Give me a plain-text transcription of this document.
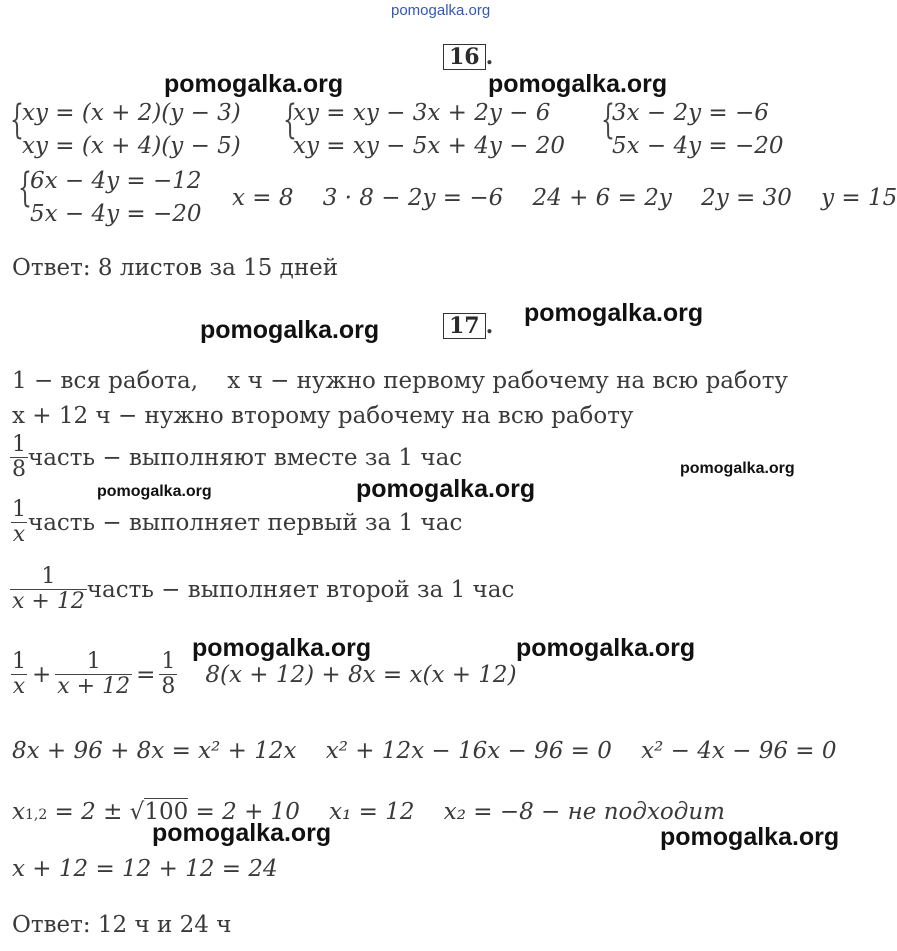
pomogalka.org
16 .
pomogalka.org	pomogalka.org
{
xy = (x + 2)(y − 3)
xy = (x + 4)(y − 5)
{
xy = xy − 3x + 2y − 6
xy = xy − 5x + 4y − 20
{
3x − 2y = −6
5x − 4y = −20
{
6x − 4y = −12
5x − 4y = −20
x = 8    3 · 8 − 2y = −6    24 + 6 = 2y    2y = 30    y = 15
Ответ: 8 листов за 15 дней
pomogalka.org	17 . pomogalka.org
1 − вся работа,    x ч − нужно первому рабочему на всю работу
x + 12 ч − нужно второму рабочему на всю работу
$\frac{1}{8}$ часть − выполняют вместе за 1 час	pomogalka.org
pomogalka.org	pomogalka.org
$\frac{1}{x}$ часть − выполняет первый за 1 час
$\frac{1}{x + 12}$ часть − выполняет второй за 1 час
pomogalka.org	pomogalka.org
$\frac{1}{x} + \frac{1}{x + 12} = \frac{1}{8} 8(x + 12) + 8x = x(x + 12)$
8x + 96 + 8x = x² + 12x    x² + 12x − 16x − 96 = 0    x² − 4x − 96 = 0
x 1,2 = 2 ± √ 100 = 2 + 10    x₁ = 12    x₂ = −8 − не подходит
pomogalka.org	pomogalka.org
x + 12 = 12 + 12 = 24
Ответ: 12 ч и 24 ч
